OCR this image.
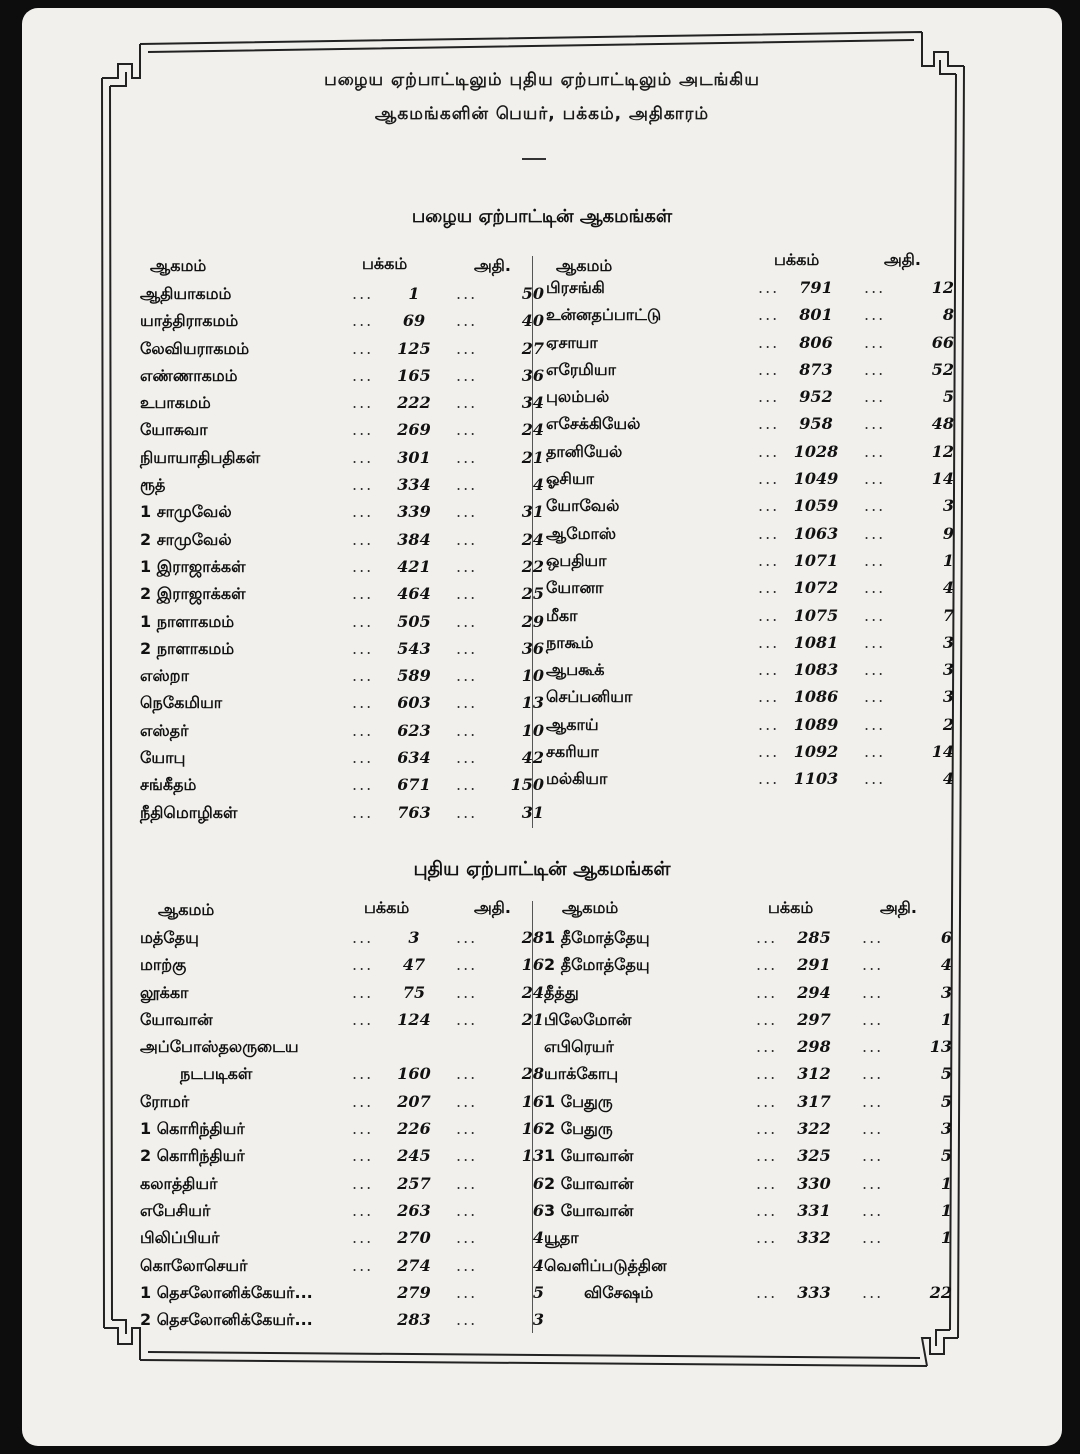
பழைய ஏற்பாட்டிலும் புதிய ஏற்பாட்டிலும் அடங்கிய
ஆகமங்களின் பெயர், பக்கம், அதிகாரம்
பழைய ஏற்பாட்டின் ஆகமங்கள்
ஆகமம்	பக்கம்	அதி.	ஆகமம்	பக்கம்	அதி.
ஆதியாகமம்	...	1	...	50
யாத்திராகமம்	...	69	...	40
லேவியராகமம்	...	125	...	27
எண்ணாகமம்	...	165	...	36
உபாகமம்	...	222	...	34
யோசுவா	...	269	...	24
நியாயாதிபதிகள்	...	301	...	21
ரூத்	...	334	...	4
1 சாமுவேல்	...	339	...	31
2 சாமுவேல்	...	384	...	24
1 இராஜாக்கள்	...	421	...	22
2 இராஜாக்கள்	...	464	...	25
1 நாளாகமம்	...	505	...	29
2 நாளாகமம்	...	543	...	36
எஸ்றா	...	589	...	10
நெகேமியா	...	603	...	13
எஸ்தர்	...	623	...	10
யோபு	...	634	...	42
சங்கீதம்	...	671	... 150
நீதிமொழிகள்	...	763	...	31
பிரசங்கி	...	791	...	12
உன்னதப்பாட்டு	...	801	...	8
ஏசாயா	...	806	...	66
எரேமியா	...	873	...	52
புலம்பல்	...	952	...	5
எசேக்கியேல்	...	958	...	48
தானியேல்	... 1028 ...	12
ஓசியா	... 1049 ...	14
யோவேல்	... 1059 ...	3
ஆமோஸ்	... 1063 ...	9
ஒபதியா	... 1071 ...	1
யோனா	... 1072 ...	4
மீகா	... 1075 ...	7
நாகூம்	... 1081 ...	3
ஆபகூக்	... 1083 ...	3
செப்பனியா	... 1086 ...	3
ஆகாய்	... 1089 ...	2
சகரியா	... 1092 ...	14
மல்கியா	... 1103 ...	4
புதிய ஏற்பாட்டின் ஆகமங்கள்
ஆகமம்	பக்கம்	அதி.	ஆகமம்	பக்கம்	அதி.
மத்தேயு	...	3	...	28
மாற்கு	...	47	...	16
லூக்கா	...	75	...	24
யோவான்	...	124	...	21
அப்போஸ்தலருடைய
நடபடிகள்	...	160	...	28
ரோமர்	...	207	...	16
1 கொரிந்தியர்	...	226	...	16
2 கொரிந்தியர்	...	245	...	13
கலாத்தியர்	...	257	...	6
எபேசியர்	...	263	...	6
பிலிப்பியர்	...	270	...	4
கொலோசெயர்	...	274	...	4
1 தெசலோனிக்கேயர்...	279	...	5
2 தெசலோனிக்கேயர்...	283	...	3
1 தீமோத்தேயு	...	285	...	6
2 தீமோத்தேயு	...	291	...	4
தீத்து	...	294	...	3
பிலேமோன்	...	297	...	1
எபிரெயர்	...	298	...	13
யாக்கோபு	...	312	...	5
1 பேதுரு	...	317	...	5
2 பேதுரு	...	322	...	3
1 யோவான்	...	325	...	5
2 யோவான்	...	330	...	1
3 யோவான்	...	331	...	1
யூதா	...	332	...	1
வெளிப்படுத்தின
விசேஷம்	...	333	...	22
